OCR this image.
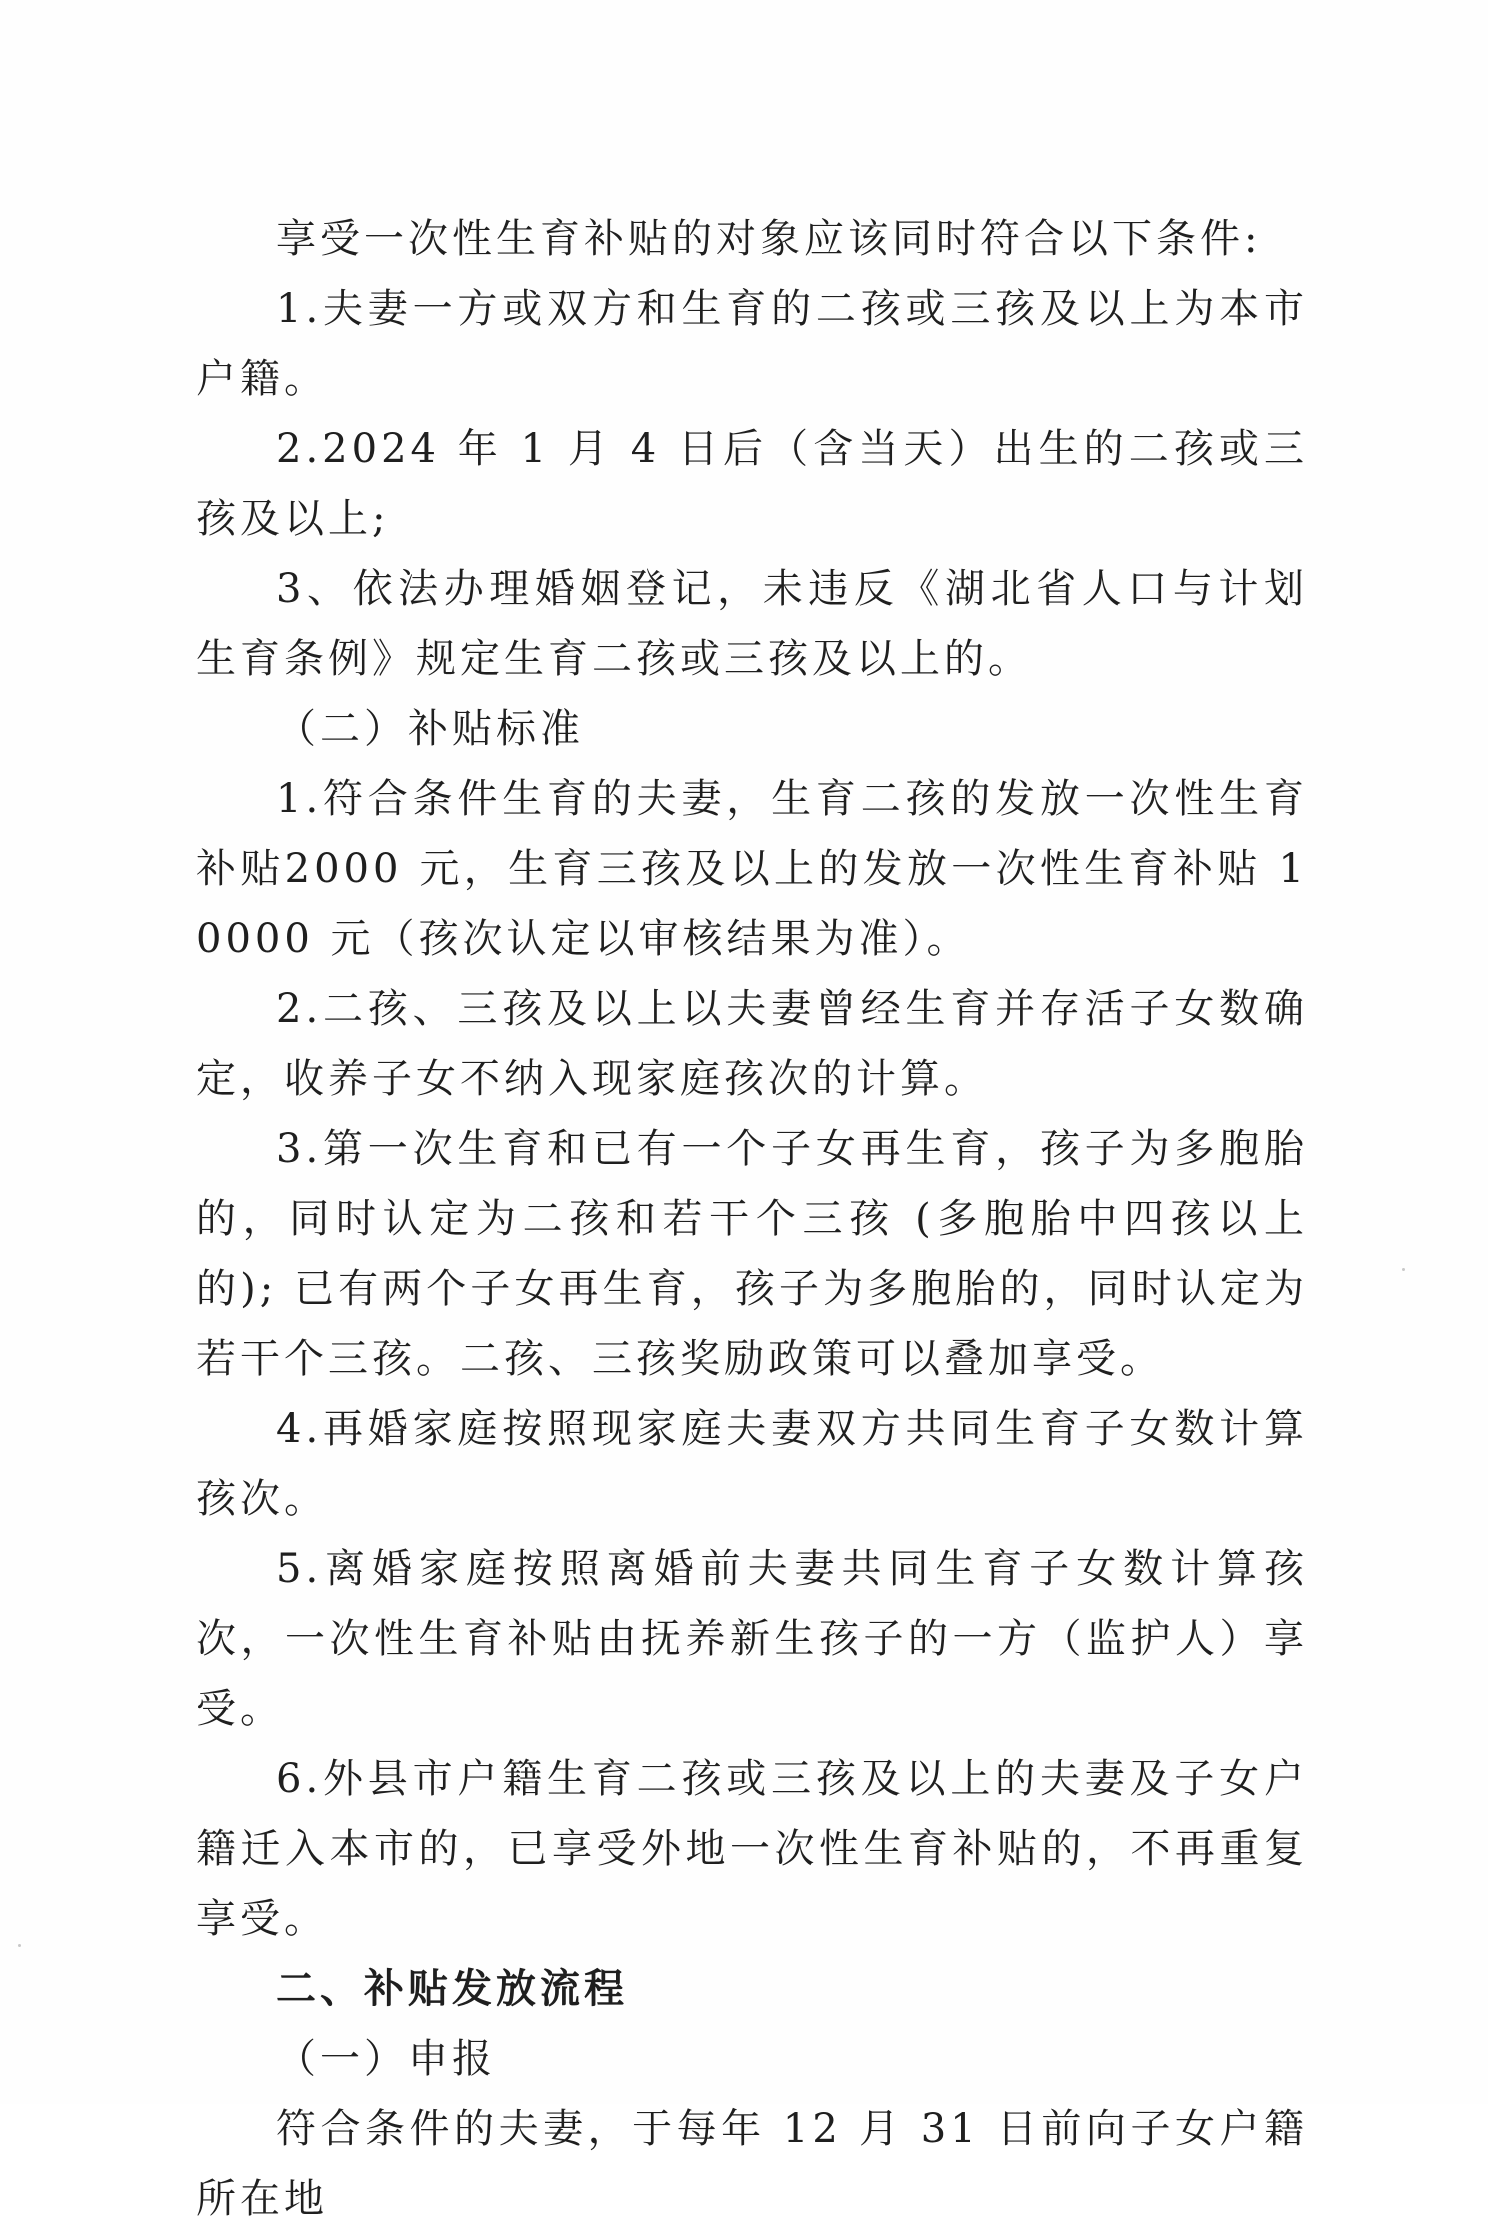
享受一次性生育补贴的对象应该同时符合以下条件:

1.夫妻一方或双方和生育的二孩或三孩及以上为本市户籍。

2.2024 年 1 月 4 日后（含当天）出生的二孩或三孩及以上;

3、依法办理婚姻登记，未违反《湖北省人口与计划生育条例》规定生育二孩或三孩及以上的。

（二）补贴标准

1.符合条件生育的夫妻，生育二孩的发放一次性生育补贴2000 元，生育三孩及以上的发放一次性生育补贴 10000 元（孩次认定以审核结果为准）。

2.二孩、三孩及以上以夫妻曾经生育并存活子女数确定，收养子女不纳入现家庭孩次的计算。

3.第一次生育和已有一个子女再生育，孩子为多胞胎的，同时认定为二孩和若干个三孩 (多胞胎中四孩以上的); 已有两个子女再生育，孩子为多胞胎的，同时认定为若干个三孩。二孩、三孩奖励政策可以叠加享受。

4.再婚家庭按照现家庭夫妻双方共同生育子女数计算孩次。

5.离婚家庭按照离婚前夫妻共同生育子女数计算孩次，一次性生育补贴由抚养新生孩子的一方（监护人）享受。

6.外县市户籍生育二孩或三孩及以上的夫妻及子女户籍迁入本市的，已享受外地一次性生育补贴的，不再重复享受。

二、补贴发放流程

（一）申报

符合条件的夫妻，于每年 12 月 31 日前向子女户籍所在地
